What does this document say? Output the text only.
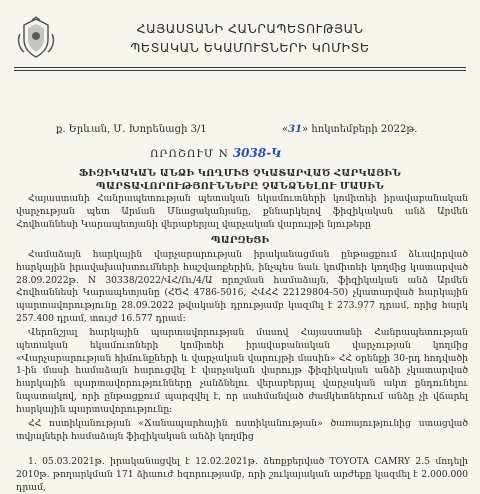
ՀԱՅԱՍՏԱՆԻ ՀԱՆՐԱՊԵՏՈՒԹՅԱՆ
ՊԵՏԱԿԱՆ ԵԿԱՄՈՒՏՆԵՐԻ ԿՈՄԻՏԵ
ք. Երևան, Մ. Խորենացի 3/1	«31» հոկտեմբերի 2022թ.
ՈՐՈՇՈՒՄ N 3038-Կ
ՖԻԶԻԿԱԿԱՆ ԱՆՁԻ ԿՈՂՄԻՑ ՉԿԱՏԱՐՎԱԾ ՀԱՐԿԱՅԻՆ
ՊԱՐՏԱՎՈՐՈՒԹՅՈՒՆՆԵՐԸ ՉԱՆՁՆԵԼՈՒ ՄԱՍԻՆ
Հայաստանի Հանրապետության պետական եկամուտների կոմիտեի իրավաբանական վարչության պետ Արման Մնացականյանը, քննարկելով ֆիզիկական անձ Արմեն Հովհաննեսի Կարապետյանի վերաբերյալ վարչական վարույթի նյութերը
ՊԱՐԶԵՑԻ
Համաձայն հարկային վարչարարության իրականացման ընթացքում ձևավորված հարկային իրավախախտումների հաշվառքերին, ինչպես նաև կոմիտեի կողմից կատարված 28.09.2022թ. N 30338/2022/ՎՀ/Ու/4/Ա որոշման համաձայն, ֆիզիկական անձ Արմեն Հովհաննեսի Կարապետյանը (ՀԾՀ 4786-5016, ՀՎՀՀ 22129804-50) չկատարված հարկային պարտավորությունը 28.09.2022 թվականի դրությամբ կազմել է 273.977 դրամ, որից հարկ 257.400 դրամ, տույժ 16.577 դրամ:
Վերոնշյալ հարկային պարտավորության մասով Հայաստանի Հանրապետության պետական եկամուտների կոմիտեի իրավաբանական վարչության կողմից «Վարչարարության հիմունքների և վարչական վարույթի մասին» ՀՀ օրենքի 30-րդ հոդվածի 1-ին մասի համաձայն հարուցվել է վարչական վարույթ ֆիզիկական անձի չկատարված հարկային պարտավորությունները չանձնելու վերաբերյալ վարչական ակտ ընդունելու նպատակով, որի ընթացքում պարզվել է, որ սահմանված ժամկետներում անձը չի վճարել հարկային պարտավորությունը:
ՀՀ ոստիկանության «Ճանապարհային ոստիկանության» ծառայությունից ստացված տվյալների համաձայն ֆիզիկական անձի կողմից
1. 05.03.2021թ. իրականացվել է 12.02.2021թ. ձեռքբերված TOYOTA CAMRY 2.5 մոդելի 2010թ. թողարկման 171 ձիաուժ հզորությամբ, որի շուկայական արժեքը կազմել է 2.000.000 դրամ,
